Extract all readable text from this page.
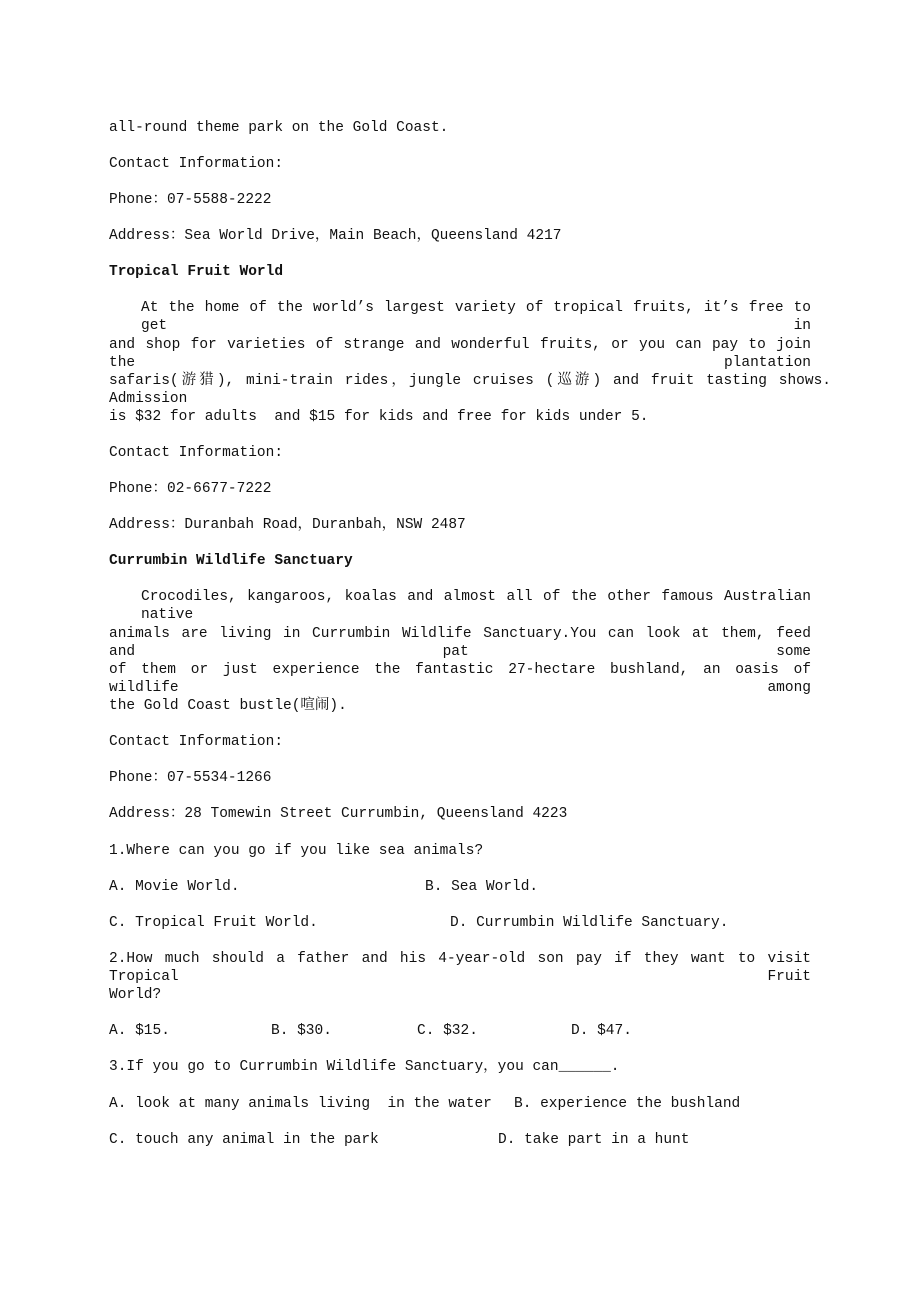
all-round theme park on the Gold Coast.
Contact Information:
Phone：07-5588-2222
Address：Sea World Drive，Main Beach，Queensland 4217
Tropical Fruit World
At the home of the world’s largest variety of tropical fruits, it’s free to get in
and shop for varieties of strange and wonderful fruits, or you can pay to join the plantation
safaris(游猎), mini-train rides，jungle cruises (巡游) and fruit tasting shows. Admission
is $32 for adults  and $15 for kids and free for kids under 5.
Contact Information:
Phone：02-6677-7222
Address：Duranbah Road，Duranbah，NSW 2487
Currumbin Wildlife Sanctuary
Crocodiles, kangaroos, koalas and almost all of the other famous Australian native
animals are living in Currumbin Wildlife Sanctuary.You can look at them, feed and pat some
of them or just experience the fantastic 27-hectare bushland, an oasis of wildlife among
the Gold Coast bustle(喧闹).
Contact Information:
Phone：07-5534-1266
Address：28 Tomewin Street Currumbin, Queensland 4223
1.Where can you go if you like sea animals?
A. Movie World.	B. Sea World.
C. Tropical Fruit World.	D. Currumbin Wildlife Sanctuary.
2.How much should a father and his 4-year-old son pay if they want to visit Tropical Fruit
World?
A. $15.	B. $30.	C. $32.	D. $47.
3.If you go to Currumbin Wildlife Sanctuary，you can______.
A. look at many animals living  in the water B. experience the bushland
C. touch any animal in the park	D. take part in a hunt
